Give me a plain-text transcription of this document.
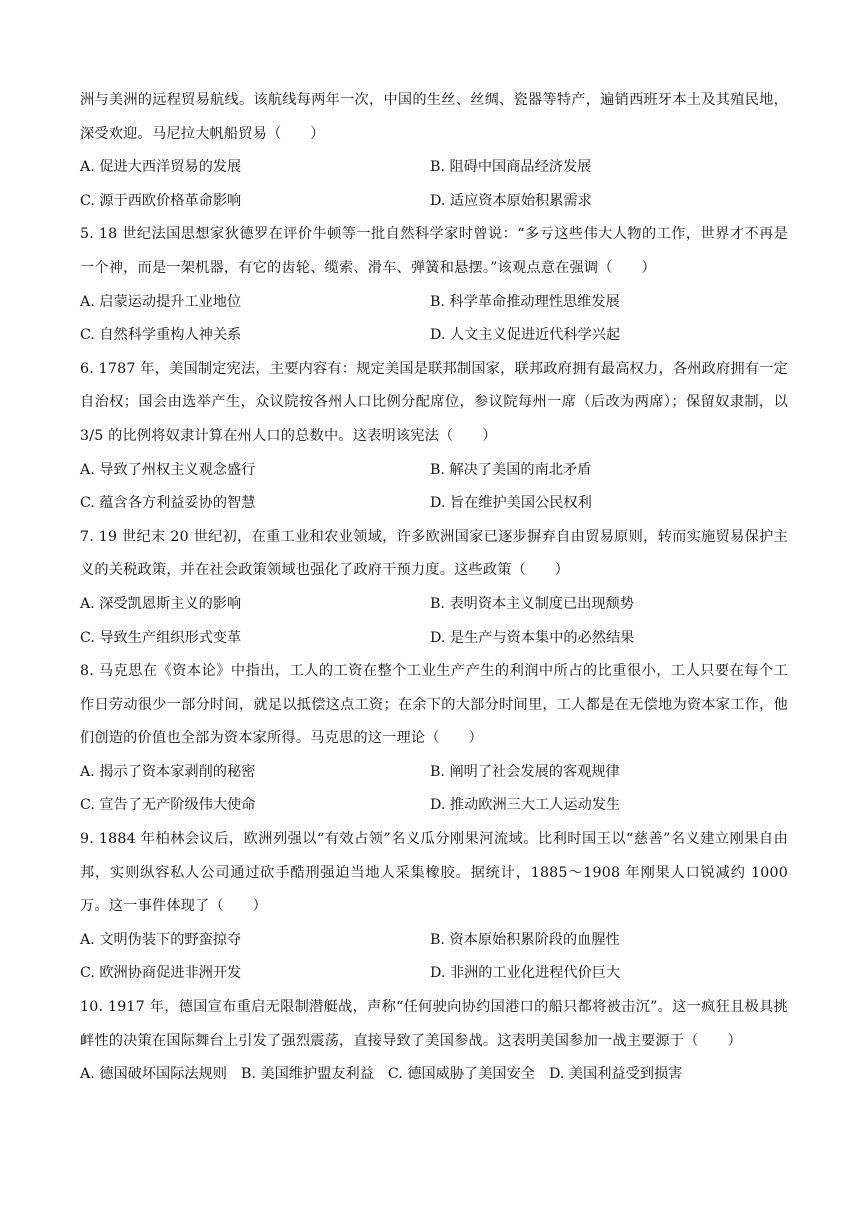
洲与美洲的远程贸易航线。该航线每两年一次，中国的生丝、丝绸、瓷器等特产，遍销西班牙本土及其殖民地，深受欢迎。马尼拉大帆船贸易（　　）
A. 促进大西洋贸易的发展	B. 阻碍中国商品经济发展
C. 源于西欧价格革命影响	D. 适应资本原始积累需求
5. 18 世纪法国思想家狄德罗在评价牛顿等一批自然科学家时曾说：“多亏这些伟大人物的工作，世界才不再是一个神，而是一架机器，有它的齿轮、缆索、滑车、弹簧和悬摆。”该观点意在强调（　　）
A. 启蒙运动提升工业地位	B. 科学革命推动理性思维发展
C. 自然科学重构人神关系	D. 人文主义促进近代科学兴起
6. 1787 年，美国制定宪法，主要内容有：规定美国是联邦制国家，联邦政府拥有最高权力，各州政府拥有一定自治权；国会由选举产生，众议院按各州人口比例分配席位，参议院每州一席（后改为两席）；保留奴隶制，以 3/5 的比例将奴隶计算在州人口的总数中。这表明该宪法（　　）
A. 导致了州权主义观念盛行	B. 解决了美国的南北矛盾
C. 蕴含各方利益妥协的智慧	D. 旨在维护美国公民权利
7. 19 世纪末 20 世纪初，在重工业和农业领域，许多欧洲国家已逐步摒弃自由贸易原则，转而实施贸易保护主义的关税政策，并在社会政策领域也强化了政府干预力度。这些政策（　　）
A. 深受凯恩斯主义的影响	B. 表明资本主义制度已出现颓势
C. 导致生产组织形式变革	D. 是生产与资本集中的必然结果
8. 马克思在《资本论》中指出，工人的工资在整个工业生产产生的利润中所占的比重很小，工人只要在每个工作日劳动很少一部分时间，就足以抵偿这点工资；在余下的大部分时间里，工人都是在无偿地为资本家工作，他们创造的价值也全部为资本家所得。马克思的这一理论（　　）
A. 揭示了资本家剥削的秘密	B. 阐明了社会发展的客观规律
C. 宣告了无产阶级伟大使命	D. 推动欧洲三大工人运动发生
9. 1884 年柏林会议后，欧洲列强以“有效占领”名义瓜分刚果河流域。比利时国王以“慈善”名义建立刚果自由邦，实则纵容私人公司通过砍手酷刑强迫当地人采集橡胶。据统计，1885～1908 年刚果人口锐减约 1000 万。这一事件体现了（　　）
A. 文明伪装下的野蛮掠夺	B. 资本原始积累阶段的血腥性
C. 欧洲协商促进非洲开发	D. 非洲的工业化进程代价巨大
10. 1917 年，德国宣布重启无限制潜艇战，声称“任何驶向协约国港口的船只都将被击沉”。这一疯狂且极具挑衅性的决策在国际舞台上引发了强烈震荡，直接导致了美国参战。这表明美国参加一战主要源于（　　）
A. 德国破坏国际法规则 B. 美国维护盟友利益 C. 德国威胁了美国安全 D. 美国利益受到损害
